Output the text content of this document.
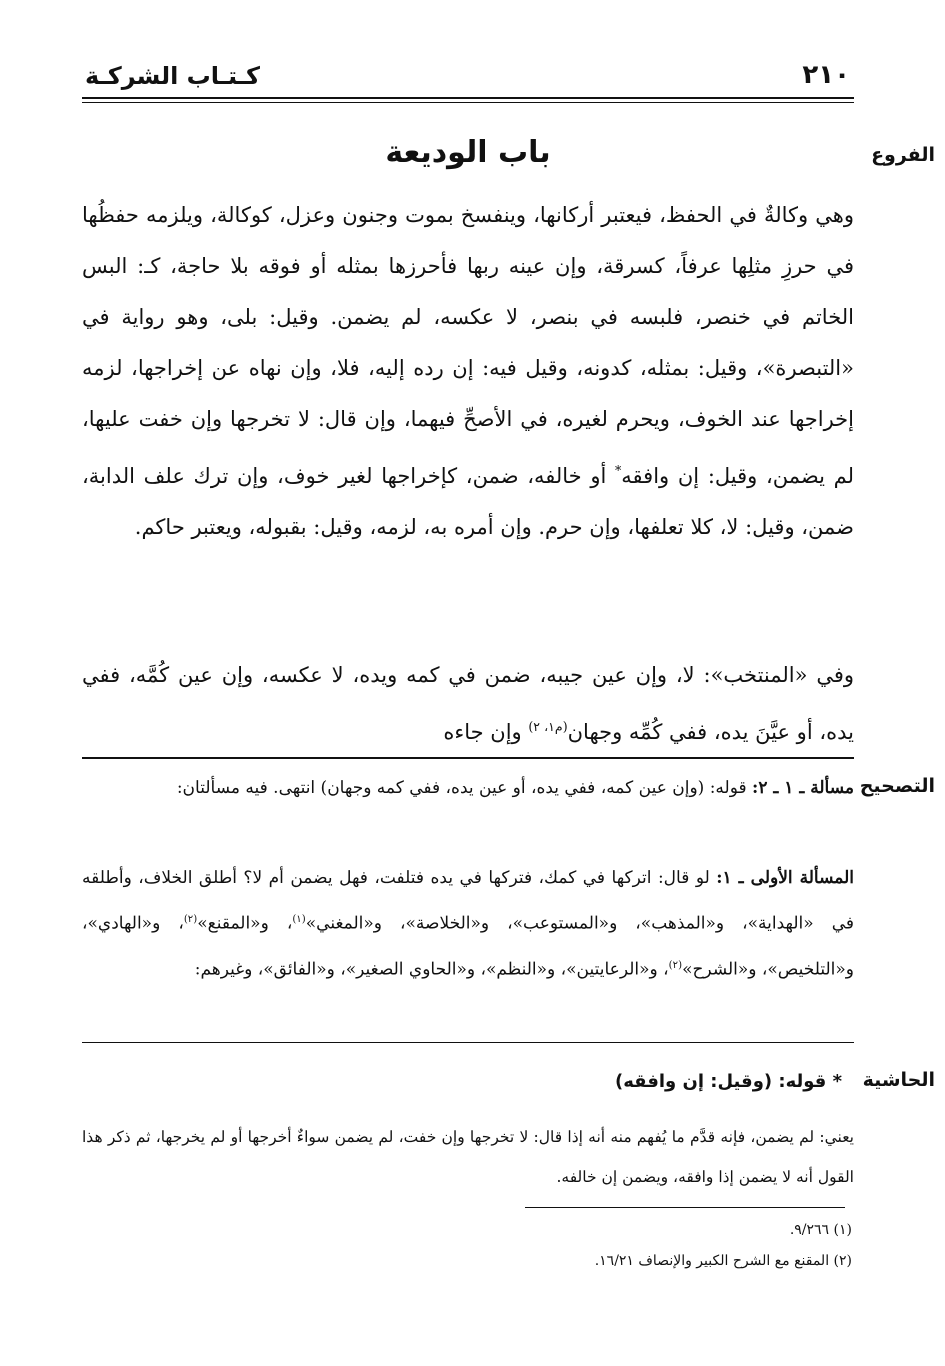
كـتـاب الشركـة	٢١٠
الفروع
التصحيح
الحاشية
باب الوديعة
وهي وكالةٌ في الحفظ، فيعتبر أركانها، وينفسخ بموت وجنون وعزل، كوكالة، ويلزمه حفظُها في حرزِ مثلِها عرفاً، كسرقة، وإن عينه ربها فأحرزها بمثله أو فوقه بلا حاجة، كـ: البس الخاتم في خنصر، فلبسه في بنصر، لا عكسه، لم يضمن. وقيل: بلى، وهو رواية في «التبصرة»، وقيل: بمثله، كدونه، وقيل فيه: إن رده إليه، فلا، وإن نهاه عن إخراجها، لزمه إخراجها عند الخوف، ويحرم لغيره، في الأصحِّ فيهما، وإن قال: لا تخرجها وإن خفت عليها، لم يضمن، وقيل: إن وافقه* أو خالفه، ضمن، كإخراجها لغير خوف، وإن ترك علف الدابة، ضمن، وقيل: لا، كلا تعلفها، وإن حرم. وإن أمره به، لزمه، وقيل: بقبوله، ويعتبر حاكم.
وفي «المنتخب»: لا، وإن عين جيبه، ضمن في كمه ويده، لا عكسه، وإن عين كُمَّه، ففي يده، أو عيَّنَ يده، ففي كُمِّه وجهان$^{(م١، ٢)}$ وإن جاءه
مسألة ـ ١ ـ ٢: قوله: (وإن عين كمه، ففي يده، أو عين يده، ففي كمه وجهان) انتهى. فيه مسألتان:
المسألة الأولى ـ ١: لو قال: اتركها في كمك، فتركها في يده فتلفت، فهل يضمن أم لا؟ أطلق الخلاف، وأطلقه في «الهداية»، و«المذهب»، و«المستوعب»، و«الخلاصة»، و«المغني»$^{(١)}$، و«المقنع»$^{(٢)}$، و«الهادي»، و«التلخيص»، و«الشرح»$^{(٢)}$، و«الرعايتين»، و«النظم»، و«الحاوي الصغير»، و«الفائق»، وغيرهم:
* قوله: (وقيل: إن وافقه)
يعني: لم يضمن، فإنه قدَّم ما يُفهم منه أنه إذا قال: لا تخرجها وإن خفت، لم يضمن سواءٌ أخرجها أو لم يخرجها، ثم ذكر هذا القول أنه لا يضمن إذا وافقه، ويضمن إن خالفه.
(١) ٩/٢٦٦.
(٢) المقنع مع الشرح الكبير والإنصاف ١٦/٢١.
